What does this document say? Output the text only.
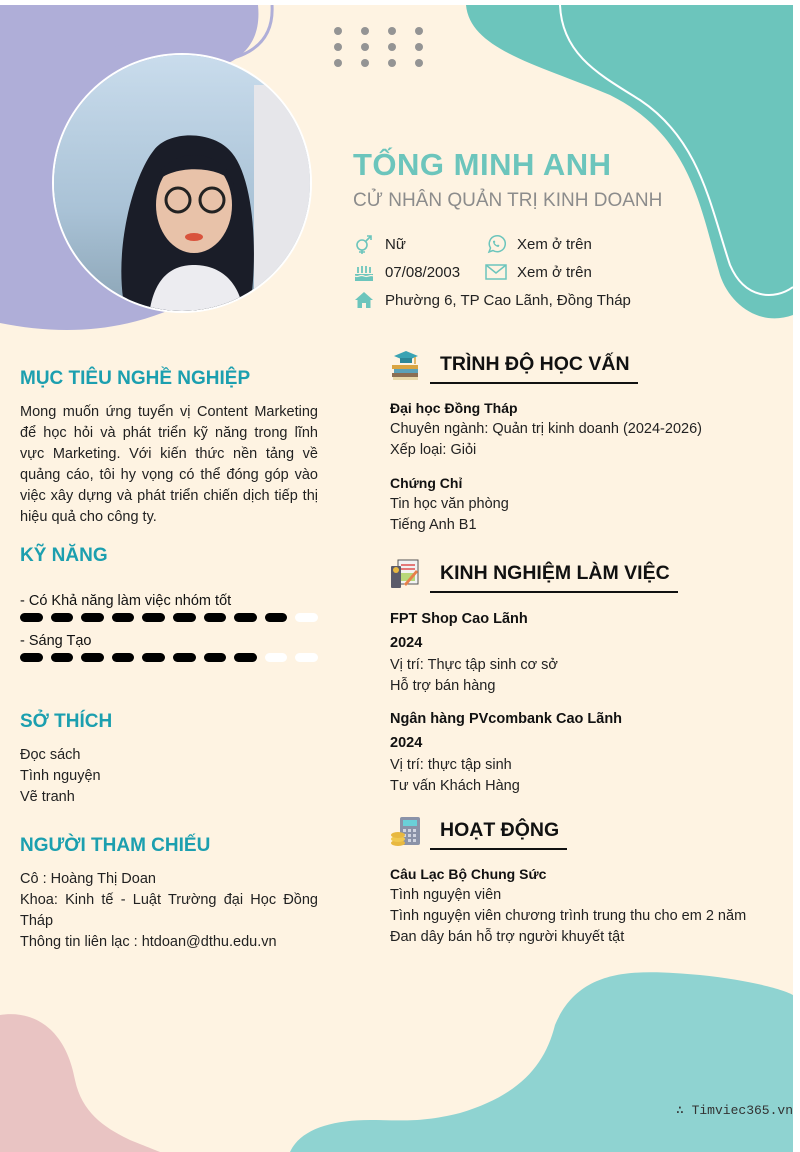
TỐNG MINH ANH

CỬ NHÂN QUẢN TRỊ KINH DOANH

Nữ	Xem ở trên
07/08/2003	Xem ở trên
Phường 6, TP Cao Lãnh, Đồng Tháp
MỤC TIÊU NGHỀ NGHIỆP

Mong muốn ứng tuyển vị Content Marketing để học hỏi và phát triển kỹ năng trong lĩnh vực Marketing. Với kiến thức nền tảng về quảng cáo, tôi hy vọng có thể đóng góp vào việc xây dựng và phát triển chiến dịch tiếp thị hiệu quả cho công ty.

KỸ NĂNG

- Có Khả năng làm việc nhóm tốt

- Sáng Tạo

SỞ THÍCH

Đọc sách

Tình nguyện

Vẽ tranh

NGƯỜI THAM CHIẾU

Cô : Hoàng Thị Doan

Khoa: Kinh tế - Luật Trường đại Học Đồng Tháp

Thông tin liên lạc : htdoan@dthu.edu.vn

TRÌNH ĐỘ HỌC VẤN

Đại học Đồng Tháp

Chuyên ngành: Quản trị kinh doanh (2024-2026)

Xếp loại: Giỏi

Chứng Chỉ

Tin học văn phòng

Tiếng Anh B1

KINH NGHIỆM LÀM VIỆC

FPT Shop Cao Lãnh

2024

Vị trí: Thực tập sinh cơ sở

Hỗ trợ bán hàng

Ngân hàng PVcombank Cao Lãnh

2024

Vị trí: thực tập sinh

Tư vấn Khách Hàng

HOẠT ĐỘNG

Câu Lạc Bộ Chung Sức

Tình nguyện viên

Tình nguyện viên chương trình trung thu cho em 2 năm

Đan dây bán hỗ trợ người khuyết tật

∴ Timviec365.vn
